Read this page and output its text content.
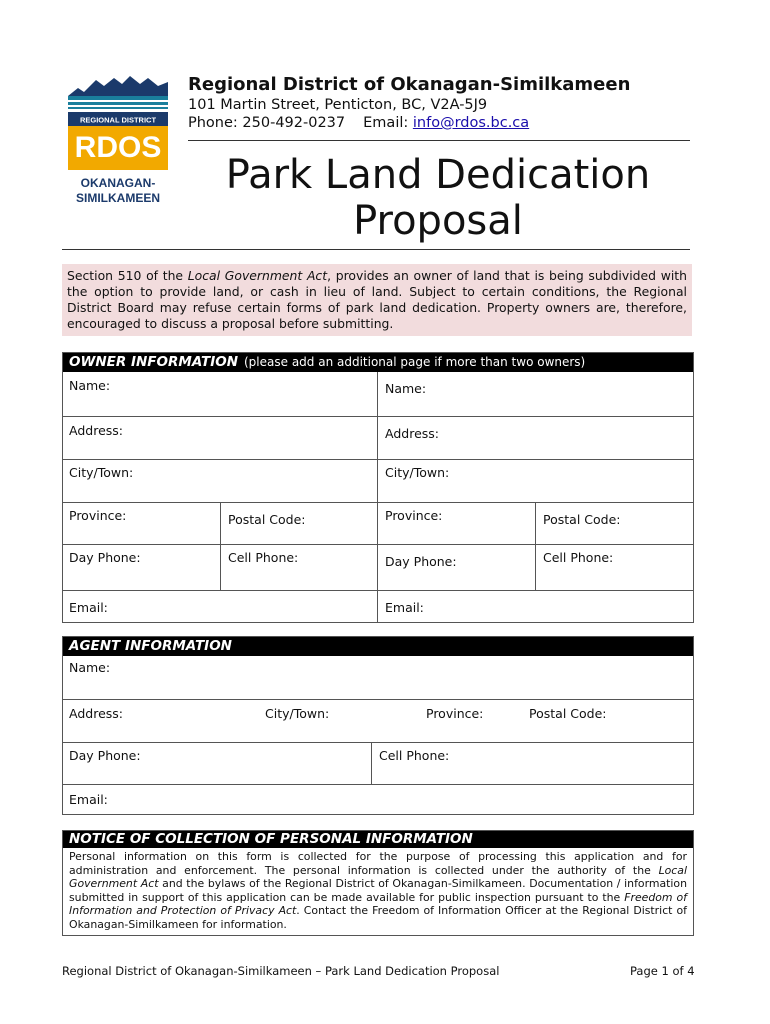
REGIONAL DISTRICT
RDOS
OKANAGAN-
SIMILKAMEEN
Regional District of Okanagan-Similkameen
101 Martin Street, Penticton, BC, V2A-5J9
Phone: 250-492-0237 Email: info@rdos.bc.ca
Park Land Dedication
Proposal
Section 510 of the Local Government Act, provides an owner of land that is being subdivided with the option to provide land, or cash in lieu of land. Subject to certain conditions, the Regional District Board may refuse certain forms of park land dedication. Property owners are, therefore, encouraged to discuss a proposal before submitting.
OWNER INFORMATION (please add an additional page if more than two owners)
Name:	Name:
Address:	Address:
City/Town:	City/Town:
Province:	Postal Code:	Province:	Postal Code:
Day Phone:	Cell Phone:	Day Phone:	Cell Phone:
Email:	Email:
AGENT INFORMATION
Name:
Address:	City/Town:	Province:	Postal Code:
Day Phone:	Cell Phone:
Email:
NOTICE OF COLLECTION OF PERSONAL INFORMATION
Personal information on this form is collected for the purpose of processing this application and for administration and enforcement. The personal information is collected under the authority of the Local Government Act and the bylaws of the Regional District of Okanagan-Similkameen. Documentation / information submitted in support of this application can be made available for public inspection pursuant to the Freedom of Information and Protection of Privacy Act. Contact the Freedom of Information Officer at the Regional District of Okanagan-Similkameen for information.
Regional District of Okanagan-Similkameen – Park Land Dedication Proposal	Page 1 of 4
